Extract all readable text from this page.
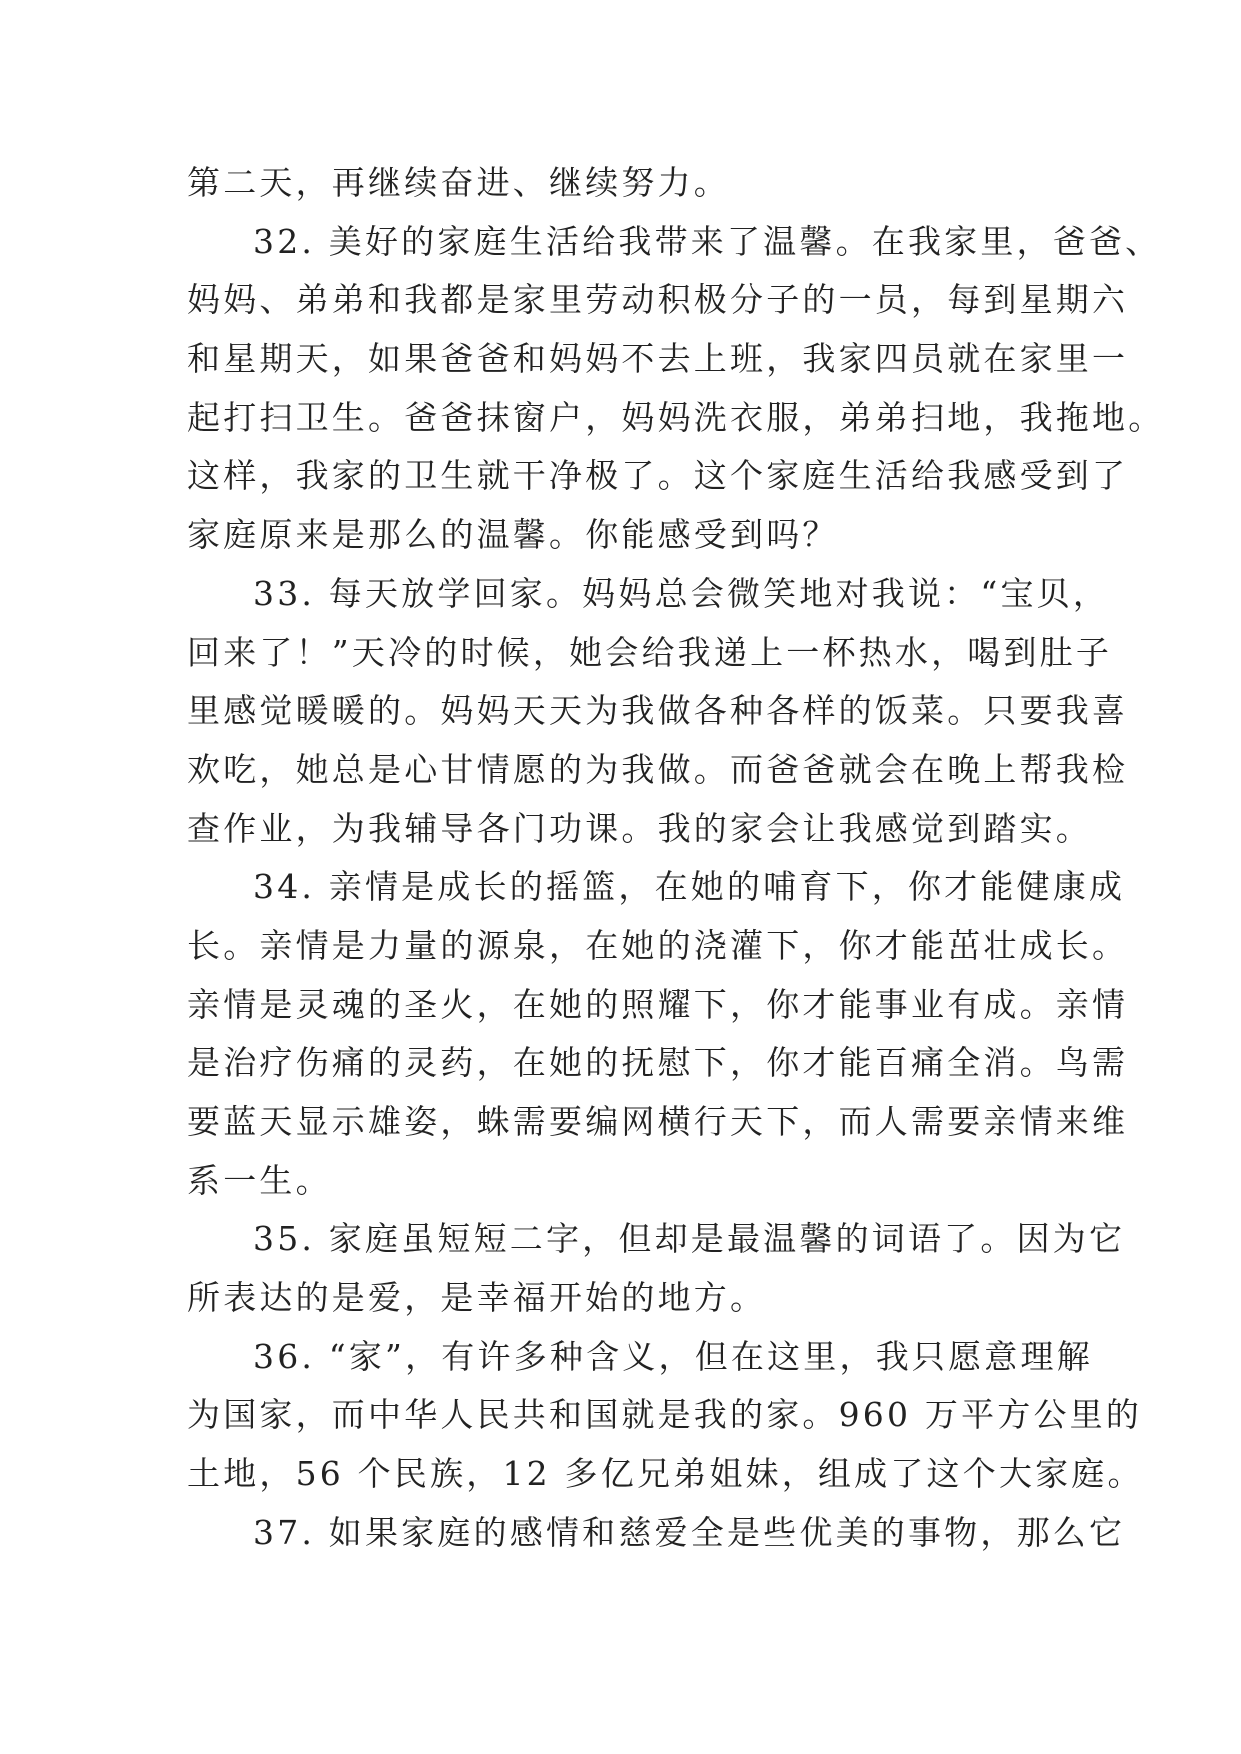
第二天，再继续奋进、继续努力。
32. 美好的家庭生活给我带来了温馨。在我家里，爸爸、
妈妈、弟弟和我都是家里劳动积极分子的一员，每到星期六
和星期天，如果爸爸和妈妈不去上班，我家四员就在家里一
起打扫卫生。爸爸抹窗户，妈妈洗衣服，弟弟扫地，我拖地。
这样，我家的卫生就干净极了。这个家庭生活给我感受到了
家庭原来是那么的温馨。你能感受到吗？
33. 每天放学回家。妈妈总会微笑地对我说：“宝贝，
回来了！”天冷的时候，她会给我递上一杯热水，喝到肚子
里感觉暖暖的。妈妈天天为我做各种各样的饭菜。只要我喜
欢吃，她总是心甘情愿的为我做。而爸爸就会在晚上帮我检
查作业，为我辅导各门功课。我的家会让我感觉到踏实。
34. 亲情是成长的摇篮，在她的哺育下，你才能健康成
长。亲情是力量的源泉，在她的浇灌下，你才能茁壮成长。
亲情是灵魂的圣火，在她的照耀下，你才能事业有成。亲情
是治疗伤痛的灵药，在她的抚慰下，你才能百痛全消。鸟需
要蓝天显示雄姿，蛛需要编网横行天下，而人需要亲情来维
系一生。
35. 家庭虽短短二字，但却是最温馨的词语了。因为它
所表达的是爱，是幸福开始的地方。
36. “家”，有许多种含义，但在这里，我只愿意理解
为国家，而中华人民共和国就是我的家。960 万平方公里的
土地，56 个民族，12 多亿兄弟姐妹，组成了这个大家庭。
37. 如果家庭的感情和慈爱全是些优美的事物，那么它
